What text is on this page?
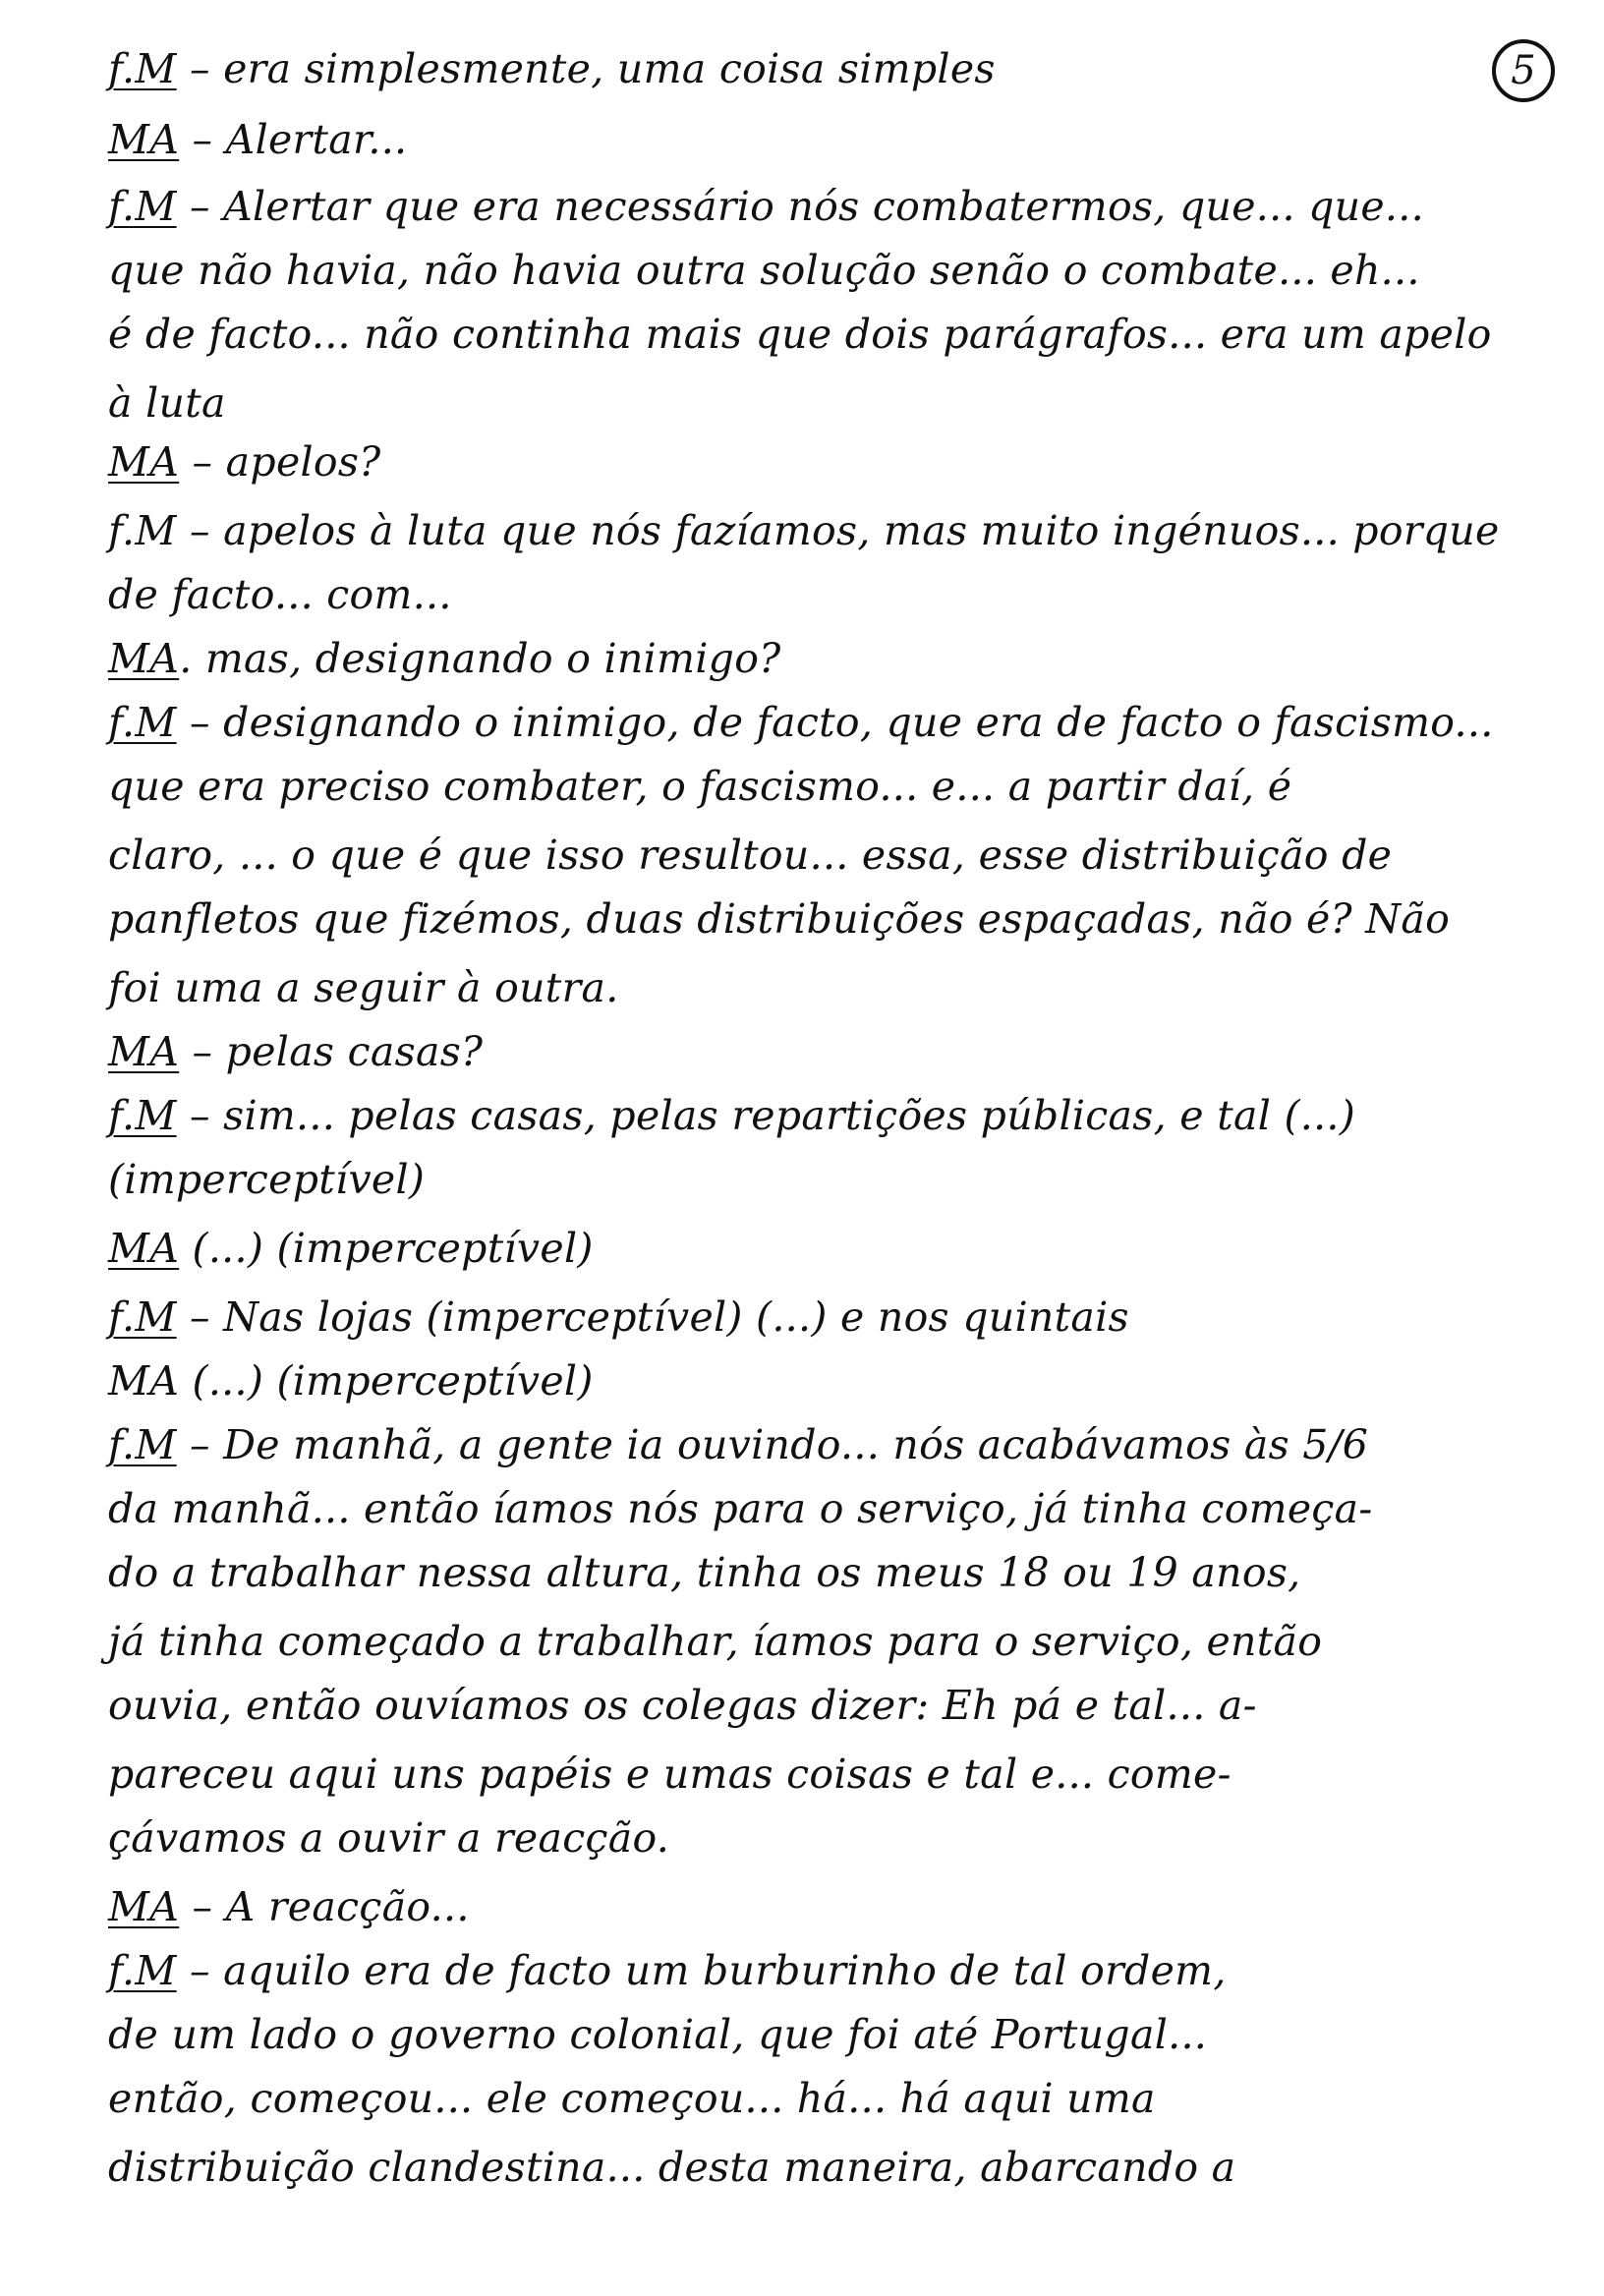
5
f.M – era simplesmente, uma coisa simples
MA – Alertar...
f.M – Alertar que era necessário nós combatermos, que... que...
que não havia, não havia outra solução senão o combate... eh...
é de facto... não continha mais que dois parágrafos... era um apelo
à luta
MA – apelos?
f.M – apelos à luta que nós fazíamos, mas muito ingénuos... porque
de facto... com...
MA. mas, designando o inimigo?
f.M – designando o inimigo, de facto, que era de facto o fascismo...
que era preciso combater, o fascismo... e... a partir daí, é
claro, ... o que é que isso resultou... essa, esse distribuição de
panfletos que fizémos, duas distribuições espaçadas, não é? Não
foi uma a seguir à outra.
MA – pelas casas?
f.M – sim... pelas casas, pelas repartições públicas, e tal (...)
(imperceptível)
MA (...) (imperceptível)
f.M – Nas lojas (imperceptível) (...) e nos quintais
MA (...) (imperceptível)
f.M – De manhã, a gente ia ouvindo... nós acabávamos às 5/6
da manhã... então íamos nós para o serviço, já tinha começa-
do a trabalhar nessa altura, tinha os meus 18 ou 19 anos,
já tinha começado a trabalhar, íamos para o serviço, então
ouvia, então ouvíamos os colegas dizer: Eh pá e tal... a-
pareceu aqui uns papéis e umas coisas e tal e... come-
çávamos a ouvir a reacção.
MA – A reacção...
f.M – aquilo era de facto um burburinho de tal ordem,
de um lado o governo colonial, que foi até Portugal...
então, começou... ele começou... há... há aqui uma
distribuição clandestina... desta maneira, abarcando a
